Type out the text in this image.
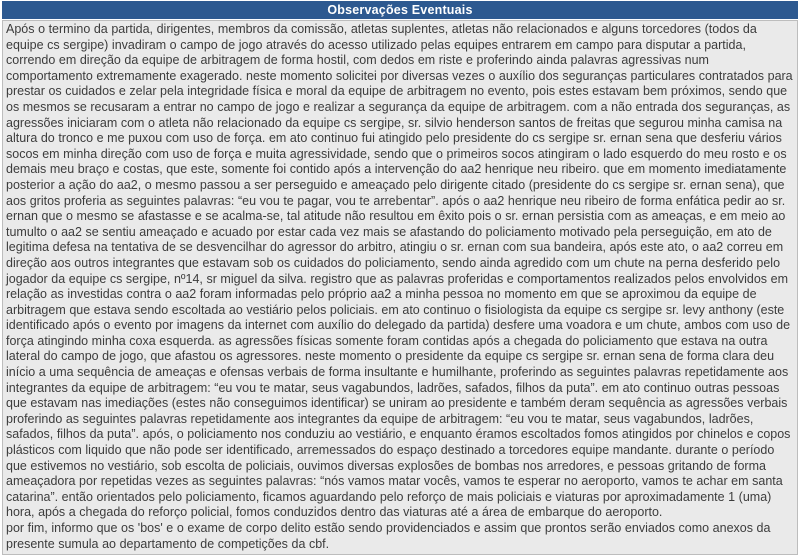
Observações Eventuais

Após o termino da partida, dirigentes, membros da comissão, atletas suplentes, atletas não relacionados e alguns torcedores (todos da equipe cs sergipe) invadiram o campo de jogo através do acesso utilizado pelas equipes entrarem em campo para disputar a partida, correndo em direção da equipe de arbitragem de forma hostil, com dedos em riste e proferindo ainda palavras agressivas num comportamento extremamente exagerado. neste momento solicitei por diversas vezes o auxílio dos seguranças particulares contratados para prestar os cuidados e zelar pela integridade física e moral da equipe de arbitragem no evento, pois estes estavam bem próximos, sendo que os mesmos se recusaram a entrar no campo de jogo e realizar a segurança da equipe de arbitragem. com a não entrada dos seguranças, as agressões iniciaram com o atleta não relacionado da equipe cs sergipe, sr. silvio henderson santos de freitas que segurou minha camisa na altura do tronco e me puxou com uso de força. em ato continuo fui atingido pelo presidente do cs sergipe sr. ernan sena que desferiu vários socos em minha direção com uso de força e muita agressividade, sendo que o primeiros socos atingiram o lado esquerdo do meu rosto e os demais meu braço e costas, que este, somente foi contido após a intervenção do aa2 henrique neu ribeiro. que em momento imediatamente posterior a ação do aa2, o mesmo passou a ser perseguido e ameaçado pelo dirigente citado (presidente do cs sergipe sr. ernan sena), que aos gritos proferia as seguintes palavras: “eu vou te pagar, vou te arrebentar”. após o aa2 henrique neu ribeiro de forma enfática pedir ao sr. ernan que o mesmo se afastasse e se acalma-se, tal atitude não resultou em êxito pois o sr. ernan persistia com as ameaças, e em meio ao tumulto o aa2 se sentiu ameaçado e acuado por estar cada vez mais se afastando do policiamento motivado pela perseguição, em ato de legitima defesa na tentativa de se desvencilhar do agressor do arbitro, atingiu o sr. ernan com sua bandeira, após este ato, o aa2 correu em direção aos outros integrantes que estavam sob os cuidados do policiamento, sendo ainda agredido com um chute na perna desferido pelo jogador da equipe cs sergipe, nº14, sr miguel da silva. registro que as palavras proferidas e comportamentos realizados pelos envolvidos em relação as investidas contra o aa2 foram informadas pelo próprio aa2 a minha pessoa no momento em que se aproximou da equipe de arbitragem que estava sendo escoltada ao vestiário pelos policiais. em ato continuo o fisiologista da equipe cs sergipe sr. levy anthony (este identificado após o evento por imagens da internet com auxílio do delegado da partida) desfere uma voadora e um chute, ambos com uso de força atingindo minha coxa esquerda. as agressões físicas somente foram contidas após a chegada do policiamento que estava na outra lateral do campo de jogo, que afastou os agressores. neste momento o presidente da equipe cs sergipe sr. ernan sena de forma clara deu início a uma sequência de ameaças e ofensas verbais de forma insultante e humilhante, proferindo as seguintes palavras repetidamente aos integrantes da equipe de arbitragem: “eu vou te matar, seus vagabundos, ladrões, safados, filhos da puta”. em ato continuo outras pessoas que estavam nas imediações (estes não conseguimos identificar) se uniram ao presidente e também deram sequência as agressões verbais proferindo as seguintes palavras repetidamente aos integrantes da equipe de arbitragem: “eu vou te matar, seus vagabundos, ladrões, safados, filhos da puta”. após, o policiamento nos conduziu ao vestiário, e enquanto éramos escoltados fomos atingidos por chinelos e copos plásticos com liquido que não pode ser identificado, arremessados do espaço destinado a torcedores equipe mandante. durante o período que estivemos no vestiário, sob escolta de policiais, ouvimos diversas explosões de bombas nos arredores, e pessoas gritando de forma ameaçadora por repetidas vezes as seguintes palavras: “nós vamos matar vocês, vamos te esperar no aeroporto, vamos te achar em santa catarina”. então orientados pelo policiamento, ficamos aguardando pelo reforço de mais policiais e viaturas por aproximadamente 1 (uma) hora, após a chegada do reforço policial, fomos conduzidos dentro das viaturas até a área de embarque do aeroporto.

por fim, informo que os 'bos' e o exame de corpo delito estão sendo providenciados e assim que prontos serão enviados como anexos da presente sumula ao departamento de competições da cbf.
